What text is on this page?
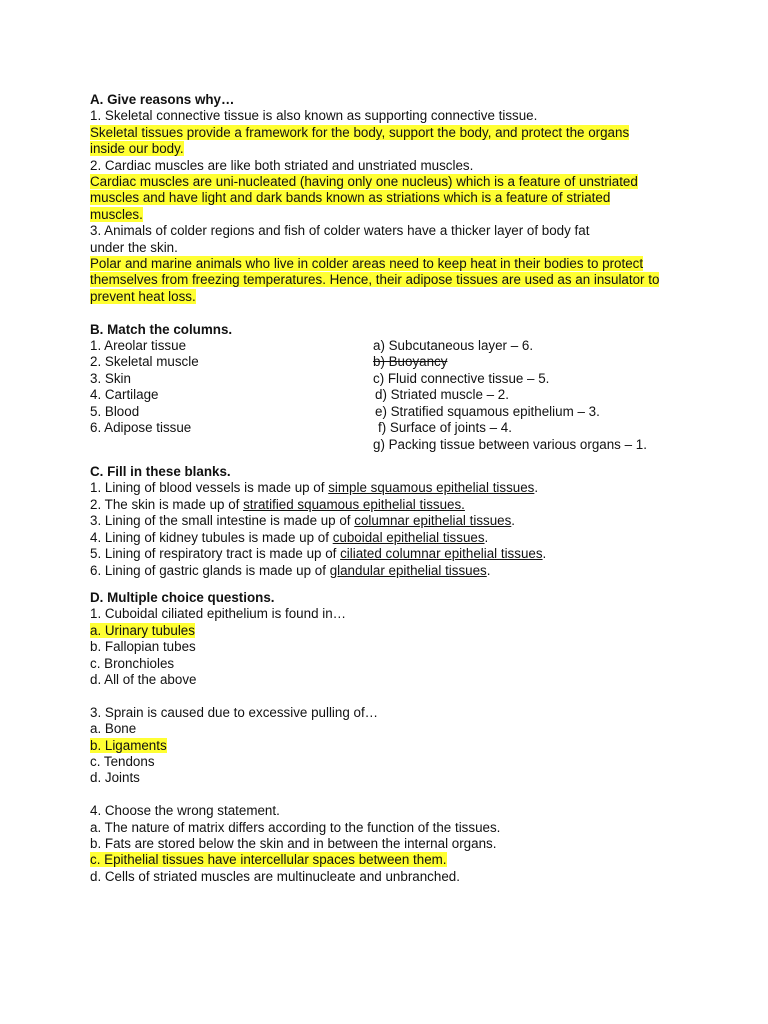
A. Give reasons why…
1. Skeletal connective tissue is also known as supporting connective tissue.
Skeletal tissues provide a framework for the body, support the body, and protect the organs
inside our body.
2. Cardiac muscles are like both striated and unstriated muscles.
Cardiac muscles are uni-nucleated (having only one nucleus) which is a feature of unstriated
muscles and have light and dark bands known as striations which is a feature of striated
muscles.
3. Animals of colder regions and fish of colder waters have a thicker layer of body fat
under the skin.
Polar and marine animals who live in colder areas need to keep heat in their bodies to protect
themselves from freezing temperatures. Hence, their adipose tissues are used as an insulator to
prevent heat loss.
B. Match the columns.
1. Areolar tissue
2. Skeletal muscle
3. Skin
4. Cartilage
5. Blood
6. Adipose tissue
a) Subcutaneous layer – 6.
b) Buoyancy
c) Fluid connective tissue – 5.
d) Striated muscle – 2.
e) Stratified squamous epithelium – 3.
f) Surface of joints – 4.
g) Packing tissue between various organs – 1.
C. Fill in these blanks.
1. Lining of blood vessels is made up of simple squamous epithelial tissues.
2. The skin is made up of stratified squamous epithelial tissues.
3. Lining of the small intestine is made up of columnar epithelial tissues.
4. Lining of kidney tubules is made up of cuboidal epithelial tissues.
5. Lining of respiratory tract is made up of ciliated columnar epithelial tissues.
6. Lining of gastric glands is made up of glandular epithelial tissues.
D. Multiple choice questions.
1. Cuboidal ciliated epithelium is found in…
a. Urinary tubules
b. Fallopian tubes
c. Bronchioles
d. All of the above
3. Sprain is caused due to excessive pulling of…
a. Bone
b. Ligaments
c. Tendons
d. Joints
4. Choose the wrong statement.
a. The nature of matrix differs according to the function of the tissues.
b. Fats are stored below the skin and in between the internal organs.
c. Epithelial tissues have intercellular spaces between them.
d. Cells of striated muscles are multinucleate and unbranched.
